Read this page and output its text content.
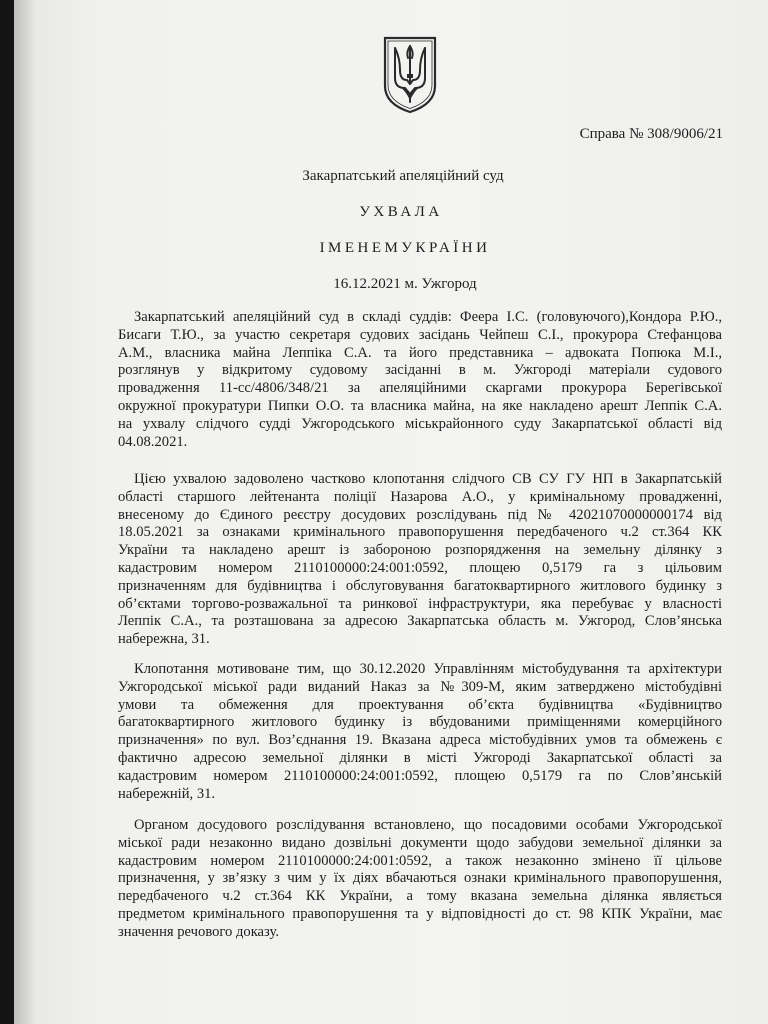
Справа № 308/9006/21
Закарпатський апеляційний суд
УХВАЛА
ІМЕНЕМУКРАЇНИ
16.12.2021 м. Ужгород

Закарпатський апеляційний суд в складі суддів: Феера І.С. (головуючого),Кондора Р.Ю.,
Бисаги Т.Ю., за участю секретаря судових засідань Чейпеш С.І., прокурора Стефанцова
А.М., власника майна Леппіка С.А. та його представника – адвоката Попюка М.І.,
розглянув у відкритому судовому засіданні в м. Ужгороді матеріали судового
провадження 11-сс/4806/348/21 за апеляційними скаргами прокурора Берегівської
окружної прокуратури Пипки О.О. та власника майна, на яке накладено арешт Леппік С.А.
на ухвалу слідчого судді Ужгородського міськрайонного суду Закарпатської області від
04.08.2021.

Цією ухвалою задоволено частково клопотання слідчого СВ СУ ГУ НП в Закарпатській
області старшого лейтенанта поліції Назарова А.О., у кримінальному провадженні,
внесеному до Єдиного реєстру досудових розслідувань під № 42021070000000174 від
18.05.2021 за ознаками кримінального правопорушення передбаченого ч.2 ст.364 КК
України та накладено арешт із забороною розпорядження на земельну ділянку з
кадастровим номером 2110100000:24:001:0592, площею 0,5179 га з цільовим
призначенням для будівництва і обслуговування багатоквартирного житлового будинку з
об’єктами торгово-розважальної та ринкової інфраструктури, яка перебуває у власності
Леппік С.А., та розташована за адресою Закарпатська область м. Ужгород, Слов’янська
набережна, 31.

Клопотання мотивоване тим, що 30.12.2020 Управлінням містобудування та архітектури
Ужгородської міської ради виданий Наказ за №309-М, яким затверджено містобудівні
умови та обмеження для проектування об’єкта будівництва «Будівництво
багатоквартирного житлового будинку із вбудованими приміщеннями комерційного
призначення» по вул. Воз’єднання 19. Вказана адреса містобудівних умов та обмежень є
фактично адресою земельної ділянки в місті Ужгороді Закарпатської області за
кадастровим номером 2110100000:24:001:0592, площею 0,5179 га по Слов’янській
набережній, 31.

Органом досудового розслідування встановлено, що посадовими особами Ужгородської
міської ради незаконно видано дозвільні документи щодо забудови земельної ділянки за
кадастровим номером 2110100000:24:001:0592, а також незаконно змінено її цільове
призначення, у зв’язку з чим у їх діях вбачаються ознаки кримінального правопорушення,
передбаченого ч.2 ст.364 КК України, а тому вказана земельна ділянка являється
предметом кримінального правопорушення та у відповідності до ст. 98 КПК України, має
значення речового доказу.
